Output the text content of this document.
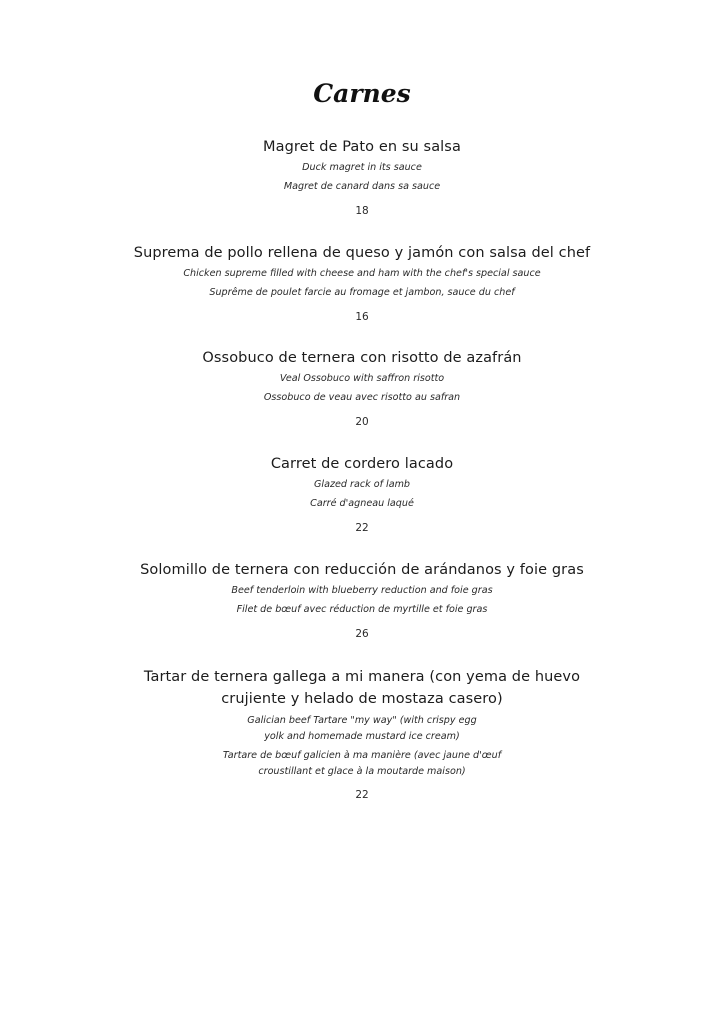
Carnes
Magret de Pato en su salsa
Duck magret in its sauce
Magret de canard dans sa sauce
18
Suprema de pollo rellena de queso y jamón con salsa del chef
Chicken supreme filled with cheese and ham with the chef's special sauce
Suprême de poulet farcie au fromage et jambon, sauce du chef
16
Ossobuco de ternera con risotto de azafrán
Veal Ossobuco with saffron risotto
Ossobuco de veau avec risotto au safran
20
Carret de cordero lacado
Glazed rack of lamb
Carré d'agneau laqué
22
Solomillo de ternera con reducción de arándanos y foie gras
Beef tenderloin with blueberry reduction and foie gras
Filet de bœuf avec réduction de myrtille et foie gras
26
Tartar de ternera gallega a mi manera (con yema de huevo
crujiente y helado de mostaza casero)
Galician beef Tartare "my way" (with crispy egg
yolk and homemade mustard ice cream)
Tartare de bœuf galicien à ma manière (avec jaune d'œuf
croustillant et glace à la moutarde maison)
22
